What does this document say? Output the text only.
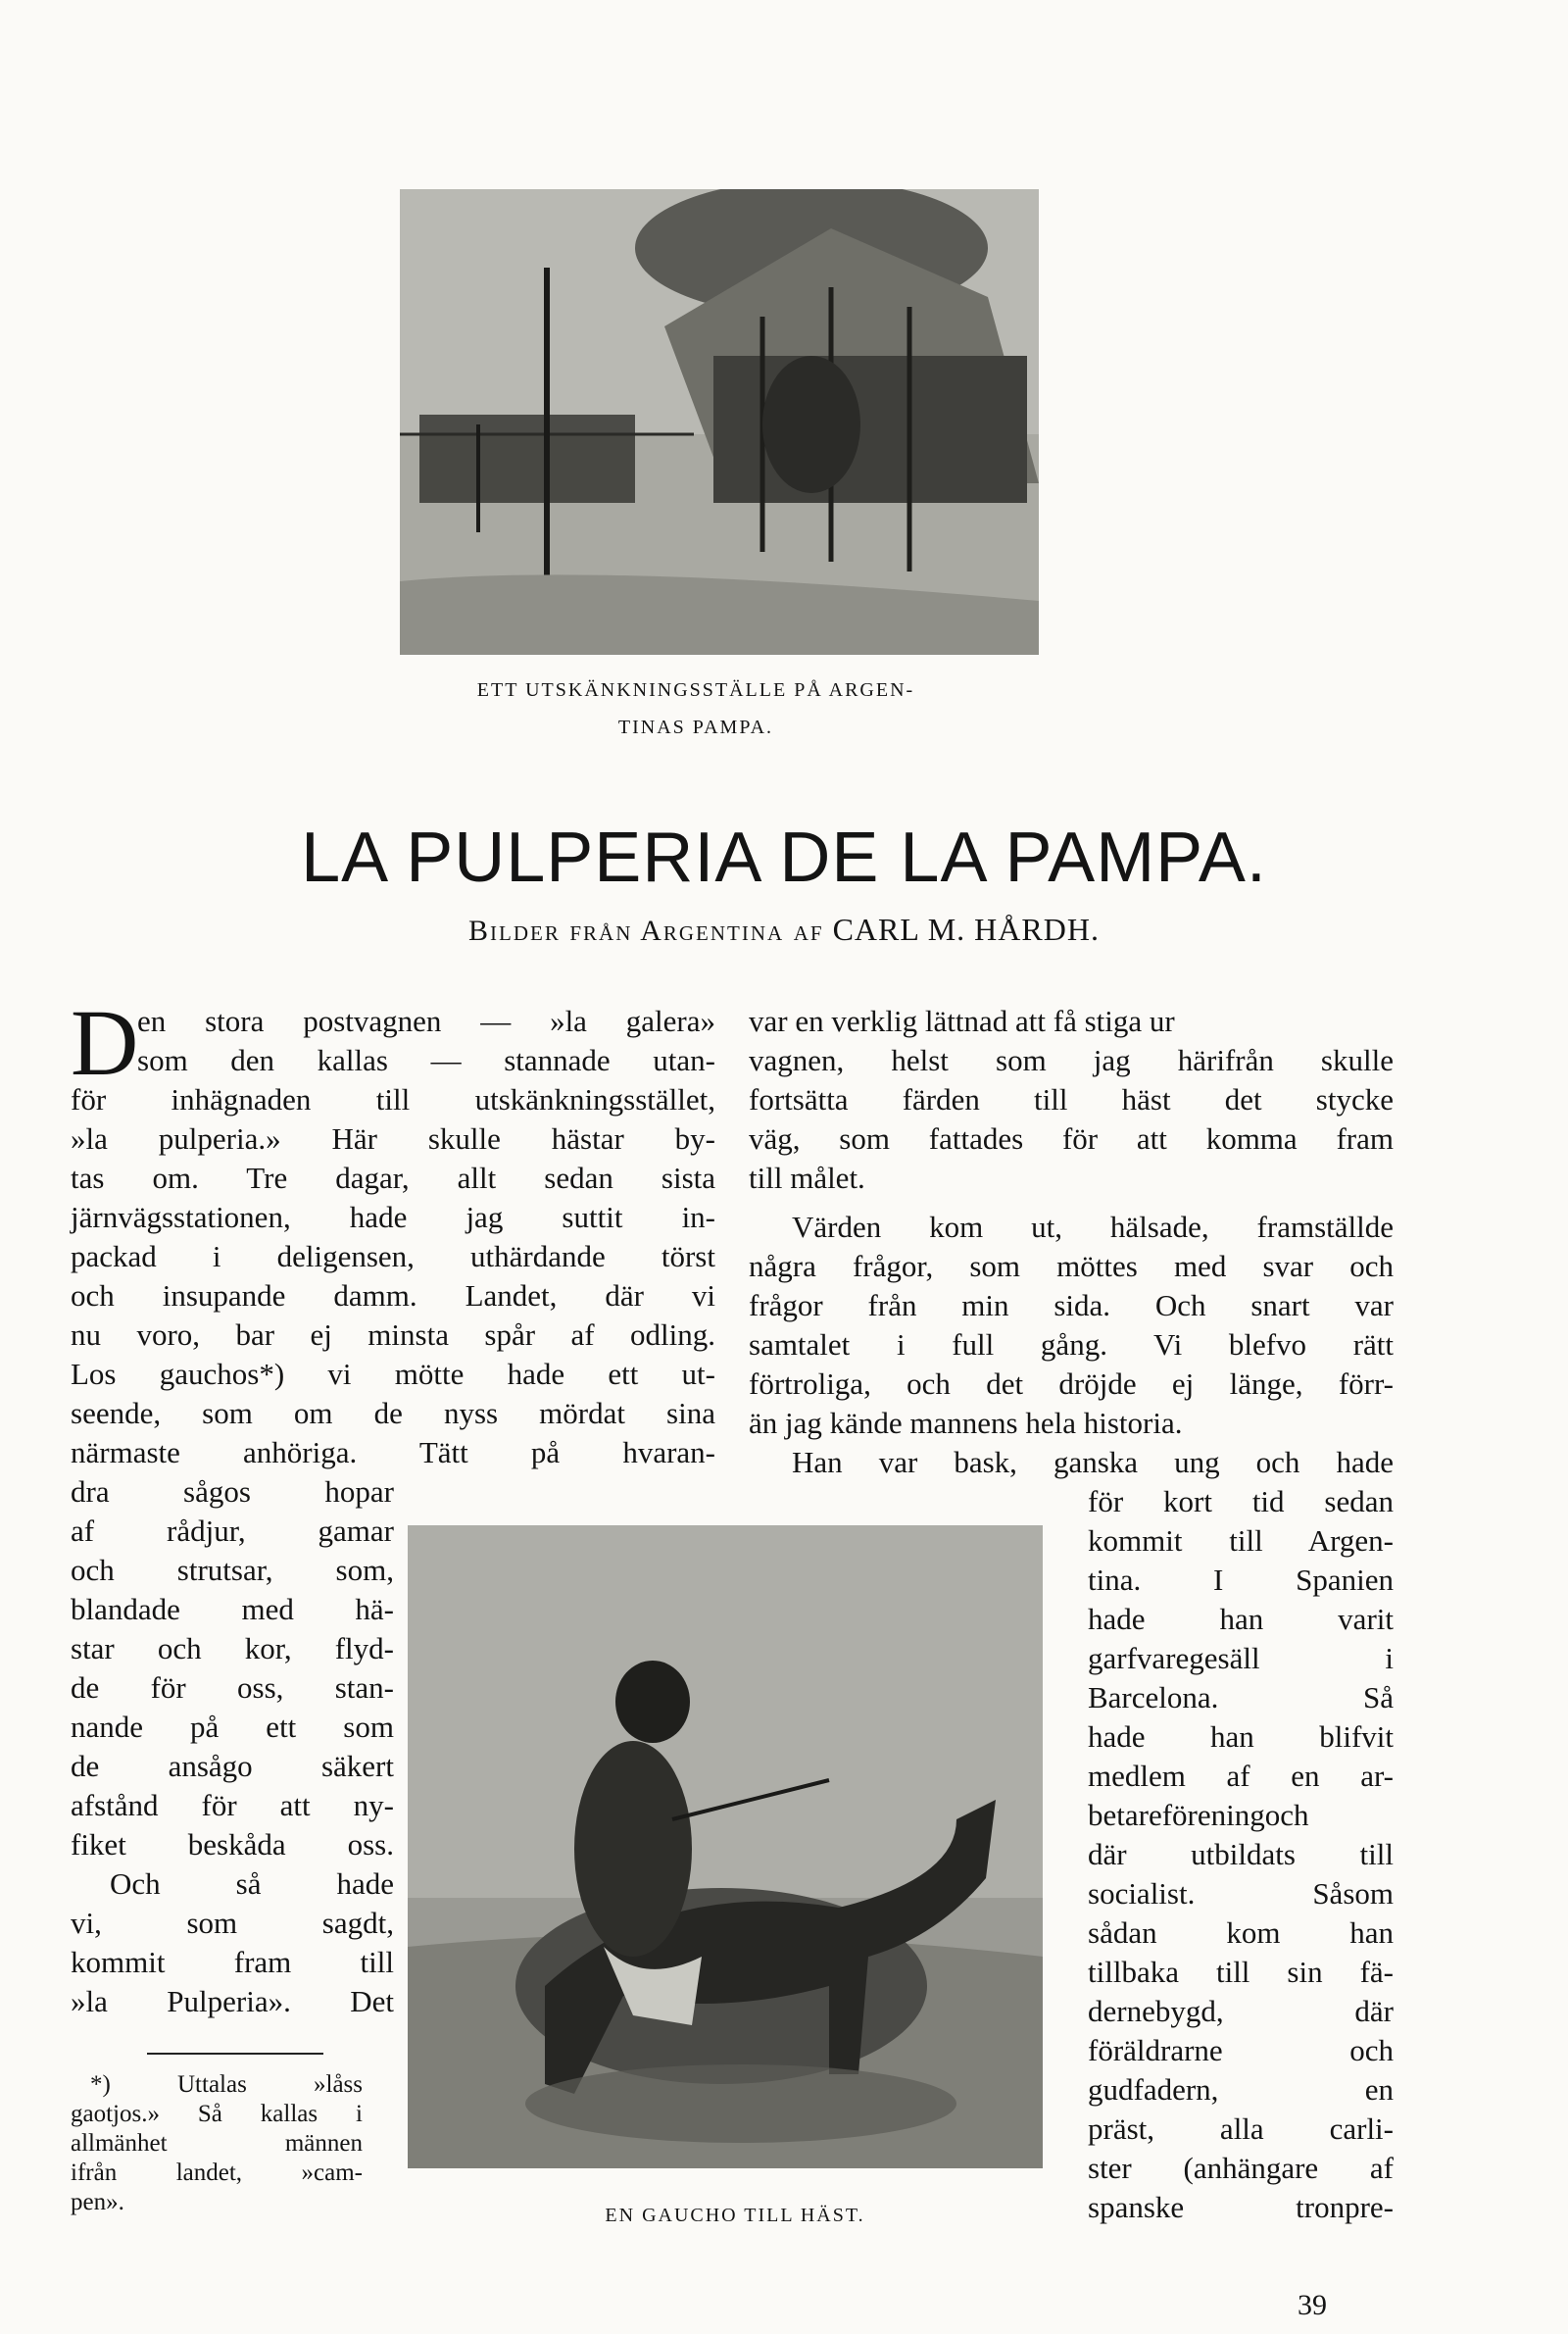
ETT UTSKÄNKNINGSSTÄLLE PÅ ARGEN-
TINAS PAMPA.
LA PULPERIA DE LA PAMPA.
Bilder från Argentina af CARL M. HÅRDH.
D
en stora postvagnen — »la galera»
som den kallas — stannade utan-
för inhägnaden till utskänkningsstället,
»la pulperia.» Här skulle hästar by-
tas om. Tre dagar, allt sedan sista
järnvägsstationen, hade jag suttit in-
packad i deligensen, uthärdande törst
och insupande damm. Landet, där vi
nu voro, bar ej minsta spår af odling.
Los gauchos*) vi mötte hade ett ut-
seende, som om de nyss mördat sina
närmaste anhöriga. Tätt på hvaran-
dra sågos hopar
af rådjur, gamar
och strutsar, som,
blandade med hä-
star och kor, flyd-
de för oss, stan-
nande på ett som
de ansågo säkert
afstånd för att ny-
fiket beskåda oss.
Och så hade
vi, som sagdt,
kommit fram till
»la Pulperia». Det
*) Uttalas »låss
gaotjos.» Så kallas i
allmänhet männen
ifrån landet, »cam-
pen».
var en verklig lättnad att få stiga ur
vagnen, helst som jag härifrån skulle
fortsätta färden till häst det stycke
väg, som fattades för att komma fram
till målet.
Värden kom ut, hälsade, framställde
några frågor, som möttes med svar och
frågor från min sida. Och snart var
samtalet i full gång. Vi blefvo rätt
förtroliga, och det dröjde ej länge, förr-
än jag kände mannens hela historia.
Han var bask, ganska ung och hade
för kort tid sedan
kommit till Argen-
tina. I Spanien
hade han varit
garfvaregesäll i
Barcelona. Så
hade han blifvit
medlem af en ar-
betareföreningoch
där utbildats till
socialist. Såsom
sådan kom han
tillbaka till sin fä-
dernebygd, där
föräldrarne och
gudfadern, en
präst, alla carli-
ster (anhängare af
spanske tronpre-
EN GAUCHO TILL HÄST.
39
